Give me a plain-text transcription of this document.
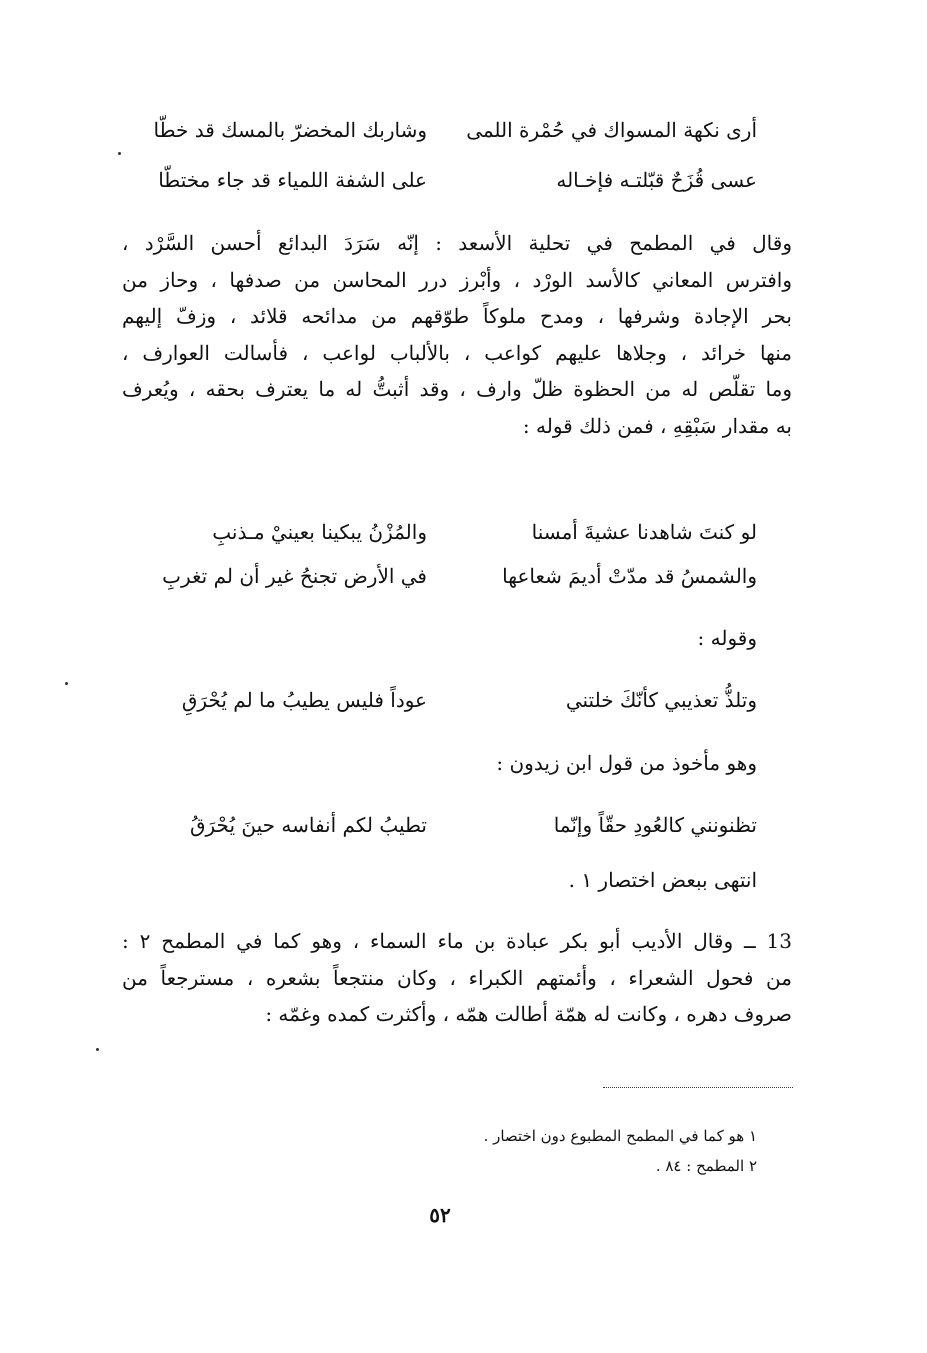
أرى نكهة المسواك في حُمْرة اللمى
وشاربك المخضرّ بالمسك قد خطّا
عسى قُزَحٌ قبّلتـه فإخـاله
على الشفة اللمياء قد جاء مختطّا
وقال في المطمح في تحلية الأسعد : إنّه سَرَدَ البدائع أحسن السَّرْد ،
وافترس المعاني كالأسد الورْد ، وأبْرز درر المحاسن من صدفها ، وحاز من
بحر الإجادة وشرفها ، ومدح ملوكاً طوّقهم من مدائحه قلائد ، وزفّ إليهم
منها خرائد ، وجلاها عليهم كواعب ، بالألباب لواعب ، فأسالت العوارف ،
وما تقلّص له من الحظوة ظلّ وارف ، وقد أثبتُّ له ما يعترف بحقه ، ويُعرف
به مقدار سَبْقِهِ ، فمن ذلك قوله :
لو كنتَ شاهدنا عشيةَ أمسنا
والمُزْنُ يبكينا بعينيْ مـذنبِ
والشمسُ قد مدّتْ أديمَ شعاعها
في الأرض تجنحُ غير أن لم تغربِ
وقوله :
وتلذُّ تعذيبي كأنّكَ خلتني
عوداً فليس يطيبُ ما لم يُحْرَقِ
وهو مأخوذ من قول ابن زيدون :
تظنونني كالعُودِ حقّاً وإنّما
تطيبُ لكم أنفاسه حينَ يُحْرَقُ
انتهى ببعض اختصار ١ .
13 ــ وقال الأديب أبو بكر عبادة بن ماء السماء ، وهو كما في المطمح ٢ :
من فحول الشعراء ، وأئمتهم الكبراء ، وكان منتجعاً بشعره ، مسترجعاً من
صروف دهره ، وكانت له همّة أطالت همّه ، وأكثرت كمده وغمّه :
١ هو كما في المطمح المطبوع دون اختصار .
٢ المطمح : ٨٤ .
٥٢
